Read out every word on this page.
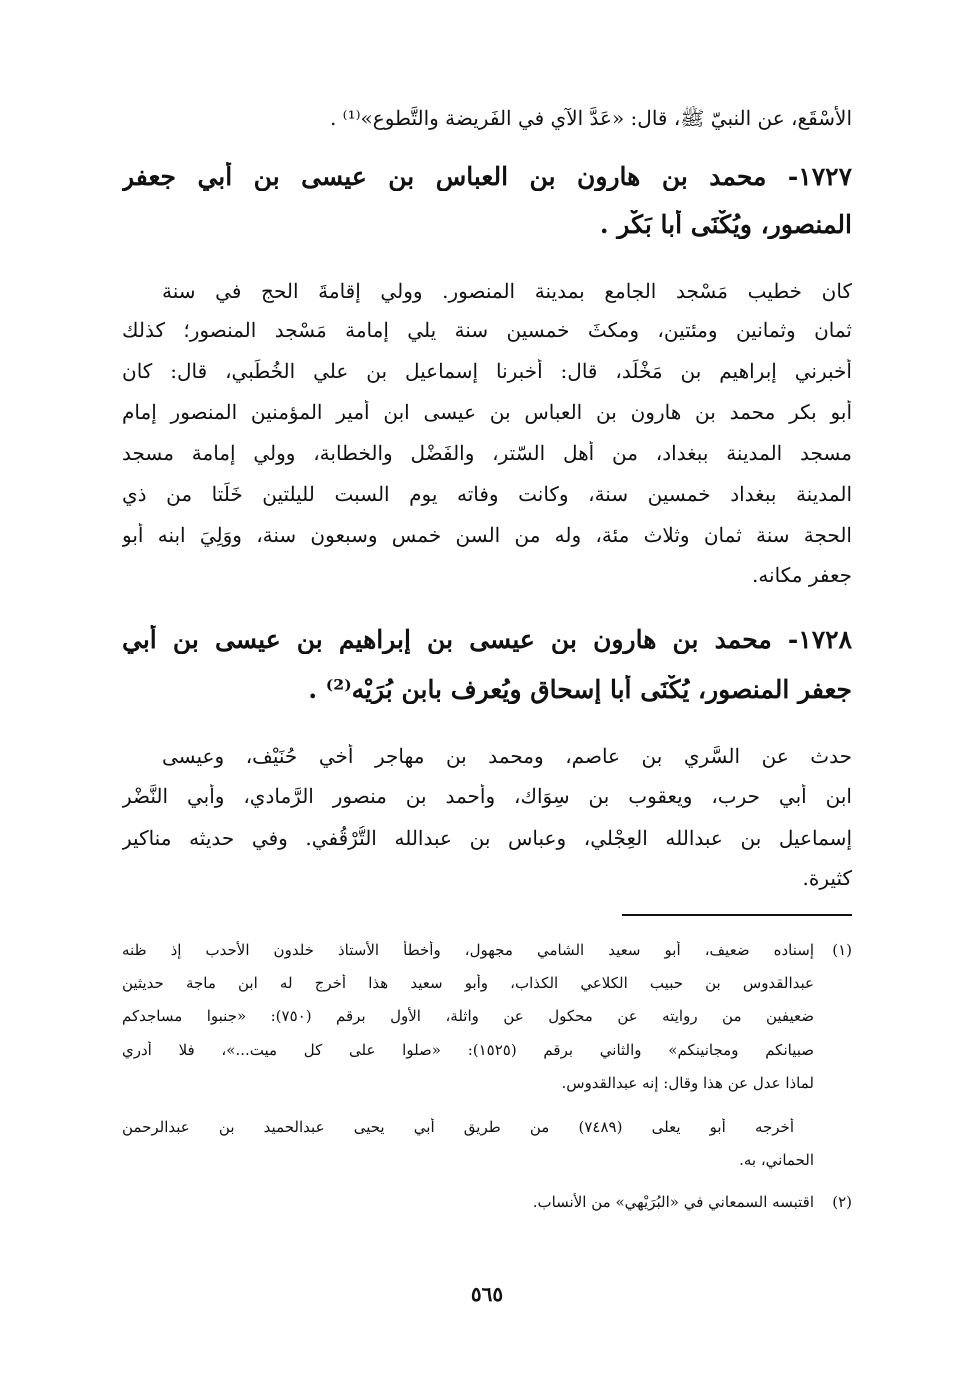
الأسْقَع، عن النبيّ ﷺ، قال: «عَدَّ الآي في الفَريضة والتَّطوع»⁽¹⁾ .

١٧٢٧- محمد بن هارون بن العباس بن عيسى بن أبي جعفر

المنصور، ويُكْنَى أبا بَكْر .

كان خطيب مَسْجد الجامع بمدينة المنصور. وولي إقامةَ الحج في سنة

ثمان وثمانين ومئتين، ومكثَ خمسين سنة يلي إمامة مَسْجد المنصور؛ كذلك

أخبرني إبراهيم بن مَخْلَد، قال: أخبرنا إسماعيل بن علي الخُطَبي، قال: كان

أبو بكر محمد بن هارون بن العباس بن عيسى ابن أمير المؤمنين المنصور إمام

مسجد المدينة ببغداد، من أهل السّتر، والفَضْل والخطابة، وولي إمامة مسجد

المدينة ببغداد خمسين سنة، وكانت وفاته يوم السبت لليلتين خَلَتا من ذي

الحجة سنة ثمان وثلاث مئة، وله من السن خمس وسبعون سنة، ووَلِيَ ابنه أبو

جعفر مكانه.

١٧٢٨- محمد بن هارون بن عيسى بن إبراهيم بن عيسى بن أبي

جعفر المنصور، يُكْنَى أبا إسحاق ويُعرف بابن بُرَيْه⁽²⁾ .

حدث عن السَّري بن عاصم، ومحمد بن مهاجر أخي حُنَيْف، وعيسى

ابن أبي حرب، ويعقوب بن سِوَاك، وأحمد بن منصور الرَّمادي، وأبي النَّضْر

إسماعيل بن عبدالله العِجْلي، وعباس بن عبدالله التُّرْقُفي. وفي حديثه مناكير

كثيرة.

(١)

إسناده ضعيف، أبو سعيد الشامي مجهول، وأخطأ الأستاذ خلدون الأحدب إذ ظنه

عبدالقدوس بن حبيب الكلاعي الكذاب، وأبو سعيد هذا أخرج له ابن ماجة حديثين

ضعيفين من روايته عن محكول عن واثلة، الأول برقم (٧٥٠): «جنبوا مساجدكم

صبيانكم ومجانينكم» والثاني برقم (١٥٢٥): «صلوا على كل ميت...»، فلا أدري

لماذا عدل عن هذا وقال: إنه عبدالقدوس.

أخرجه أبو يعلى (٧٤٨٩) من طريق أبي يحيى عبدالحميد بن عبدالرحمن

الحماني، به.

(٢)

اقتبسه السمعاني في «البُرَيْهي» من الأنساب.

٥٦٥
